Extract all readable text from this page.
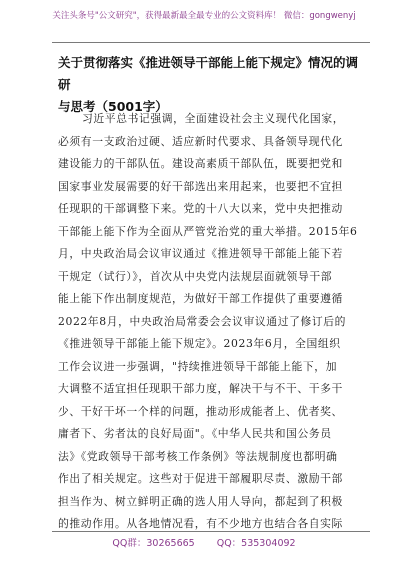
关注头条号"公文研究"，获得最新最全最专业的公文资料库！ 微信：gongwenyj
关于贯彻落实《推进领导干部能上能下规定》情况的调研
与思考（5001字）
习近平总书记强调，全面建设社会主义现代化国家，
必须有一支政治过硬、适应新时代要求、具备领导现代化
建设能力的干部队伍。建设高素质干部队伍，既要把党和
国家事业发展需要的好干部选出来用起来，也要把不宜担
任现职的干部调整下来。党的十八大以来，党中央把推动
干部能上能下作为全面从严管党治党的重大举措。2015年6
月，中央政治局会议审议通过《推进领导干部能上能下若
干规定（试行）》，首次从中央党内法规层面就领导干部
能上能下作出制度规范，为做好干部工作提供了重要遵循
2022年8月，中央政治局常委会会议审议通过了修订后的
《推进领导干部能上能下规定》。2023年6月，全国组织
工作会议进一步强调，"持续推进领导干部能上能下，加
大调整不适宜担任现职干部力度，解决干与不干、干多干
少、干好干坏一个样的问题，推动形成能者上、优者奖、
庸者下、劣者汰的良好局面"。《中华人民共和国公务员
法》《党政领导干部考核工作条例》等法规制度也都明确
作出了相关规定。这些对于促进干部履职尽责、激励干部
担当作为、树立鲜明正确的选人用人导向，都起到了积极
的推动作用。从各地情况看，有不少地方也结合各自实际
QQ群：30265665 QQ：535304092
